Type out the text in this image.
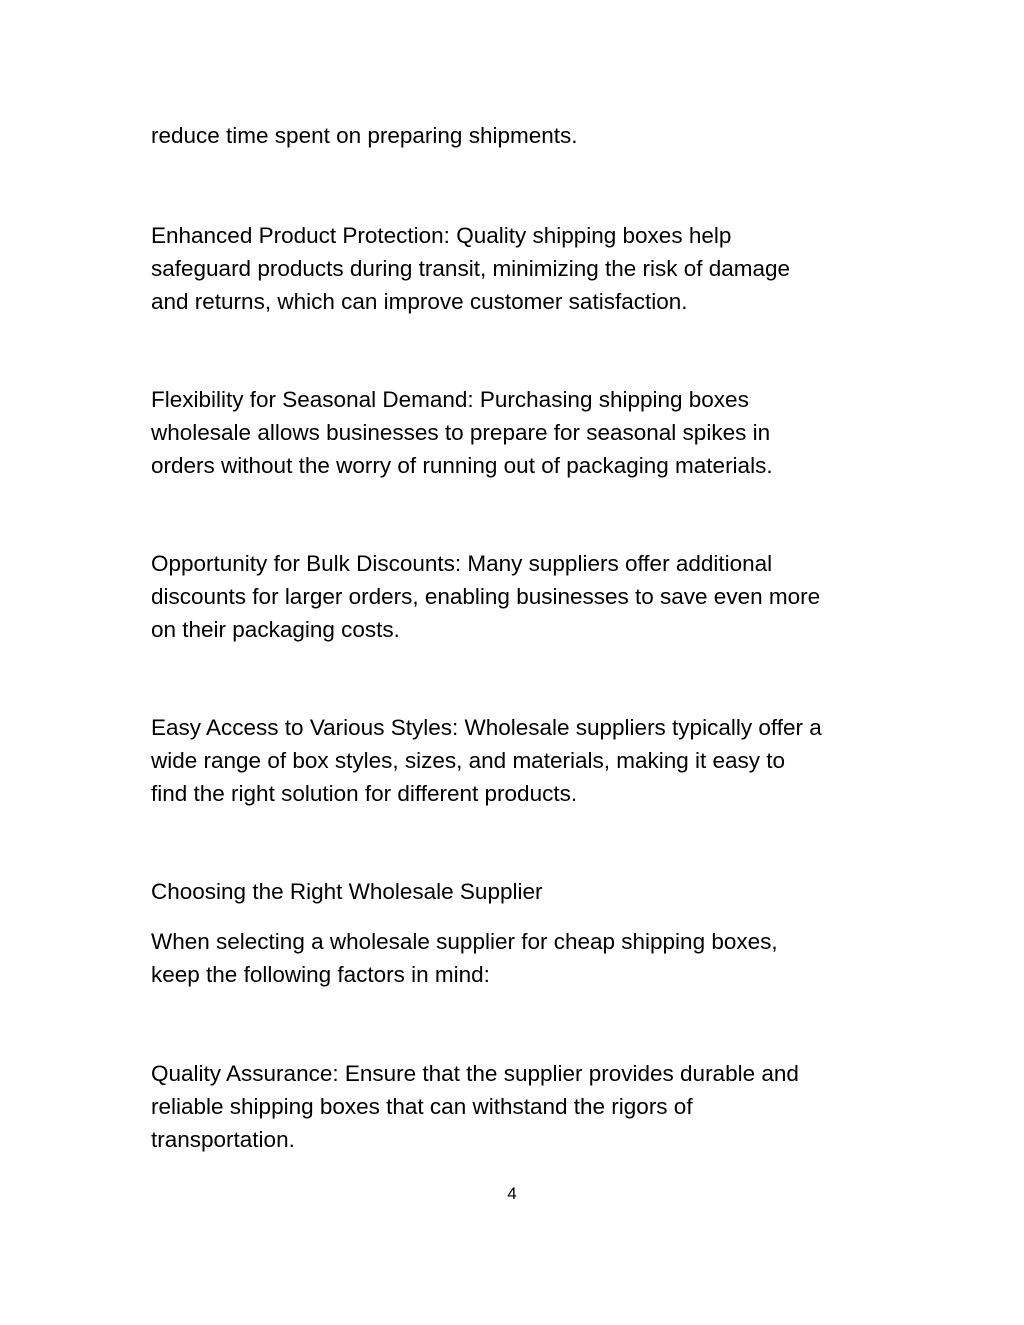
reduce time spent on preparing shipments.

Enhanced Product Protection: Quality shipping boxes help
safeguard products during transit, minimizing the risk of damage
and returns, which can improve customer satisfaction.

Flexibility for Seasonal Demand: Purchasing shipping boxes
wholesale allows businesses to prepare for seasonal spikes in
orders without the worry of running out of packaging materials.

Opportunity for Bulk Discounts: Many suppliers offer additional
discounts for larger orders, enabling businesses to save even more
on their packaging costs.

Easy Access to Various Styles: Wholesale suppliers typically offer a
wide range of box styles, sizes, and materials, making it easy to
find the right solution for different products.

Choosing the Right Wholesale Supplier

When selecting a wholesale supplier for cheap shipping boxes,
keep the following factors in mind:

Quality Assurance: Ensure that the supplier provides durable and
reliable shipping boxes that can withstand the rigors of
transportation.

4
